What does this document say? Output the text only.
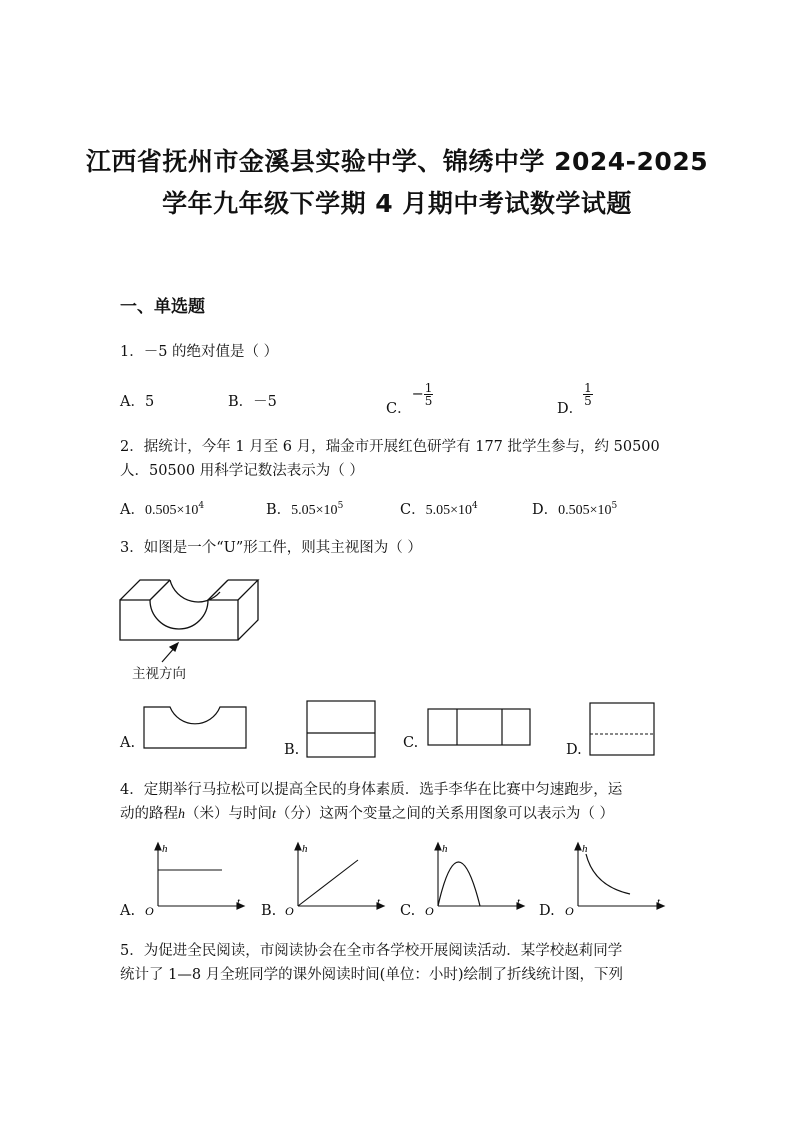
江西省抚州市金溪县实验中学、锦绣中学 2024-2025
学年九年级下学期 4 月期中考试数学试题
一、单选题
1．－5 的绝对值是（ ）
A．5	B．－5	C．− $\frac{1}{5}$
D．
$\frac{1}{5}$
2．据统计，今年 1 月至 6 月，瑞金市开展红色研学有 177 批学生参与，约 50500
人．50500 用科学记数法表示为（ ）
A．$0.505\times 10^4$	B．$5.05\times 10^5$	C．$5.05\times 10^4$	D．$0.505\times 10^5$
3．如图是一个“U”形工件，则其主视图为（ ）
主视方向
A.	B.	C.	D.
4．定期举行马拉松可以提高全民的身体素质．选手李华在比赛中匀速跑步，运
动的路程h（米）与时间t（分）这两个变量之间的关系用图象可以表示为（ ）
A.
h
t
O	B.
h
t
O	C.
h
t
O	D.
h
t
O
5．为促进全民阅读，市阅读协会在全市各学校开展阅读活动．某学校赵莉同学
统计了 1—8 月全班同学的课外阅读时间(单位：小时)绘制了折线统计图，下列
